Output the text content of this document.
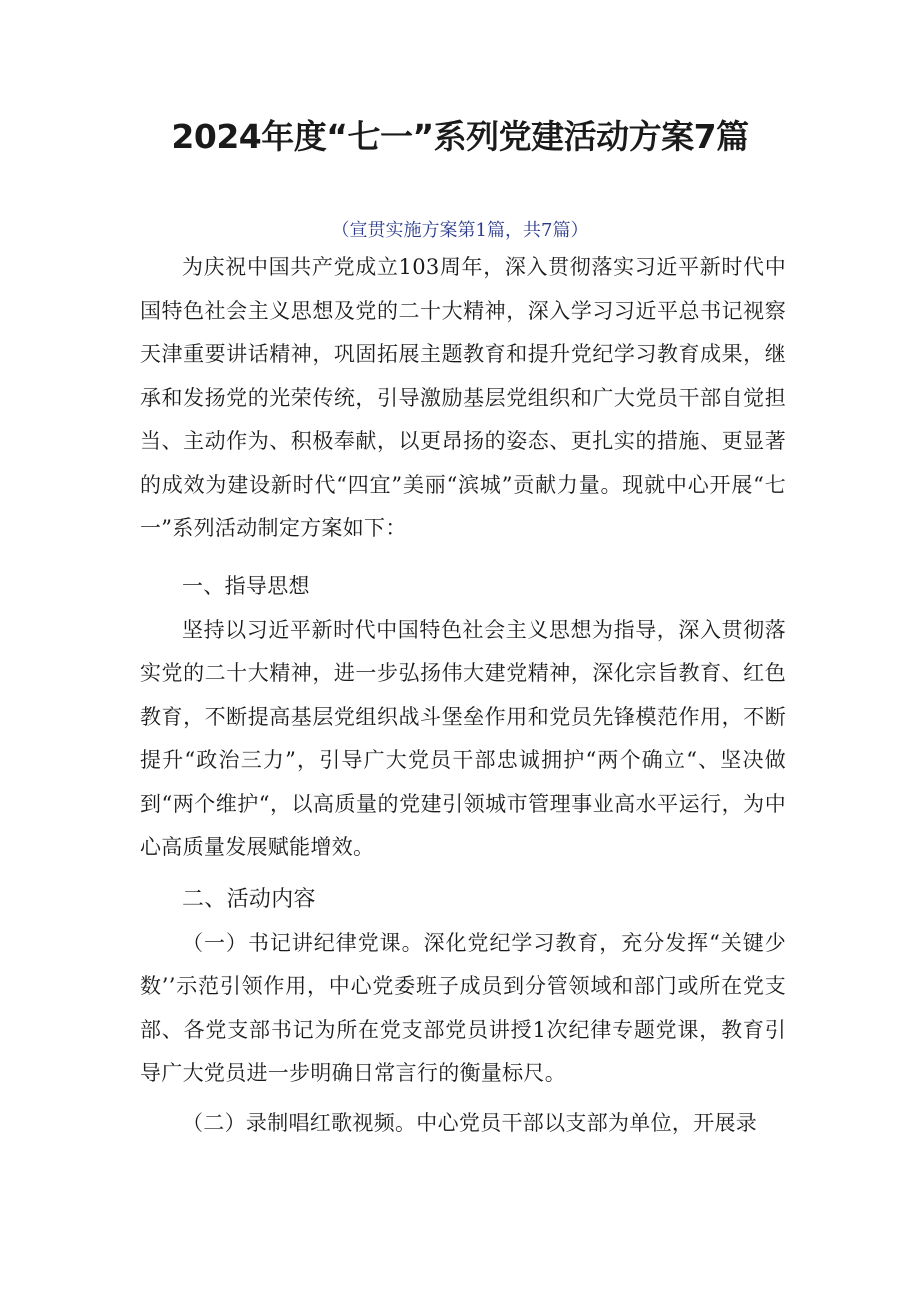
2024年度“七一”系列党建活动方案7篇

（宣贯实施方案第1篇，共7篇）

为庆祝中国共产党成立103周年，深入贯彻落实习近平新时代中国特色社会主义思想及党的二十大精神，深入学习习近平总书记视察天津重要讲话精神，巩固拓展主题教育和提升党纪学习教育成果，继承和发扬党的光荣传统，引导激励基层党组织和广大党员干部自觉担当、主动作为、积极奉献，以更昂扬的姿态、更扎实的措施、更显著的成效为建设新时代“四宜”美丽“滨城”贡献力量。现就中心开展“七一”系列活动制定方案如下：

一、指导思想

坚持以习近平新时代中国特色社会主义思想为指导，深入贯彻落实党的二十大精神，进一步弘扬伟大建党精神，深化宗旨教育、红色教育，不断提高基层党组织战斗堡垒作用和党员先锋模范作用，不断提升“政治三力”，引导广大党员干部忠诚拥护“两个确立“、坚决做到“两个维护“，以高质量的党建引领城市管理事业高水平运行，为中心高质量发展赋能增效。

二、活动内容

（一）书记讲纪律党课。深化党纪学习教育，充分发挥“关键少数’’示范引领作用，中心党委班子成员到分管领域和部门或所在党支部、各党支部书记为所在党支部党员讲授1次纪律专题党课，教育引导广大党员进一步明确日常言行的衡量标尺。

（二）录制唱红歌视频。中心党员干部以支部为单位，开展录
